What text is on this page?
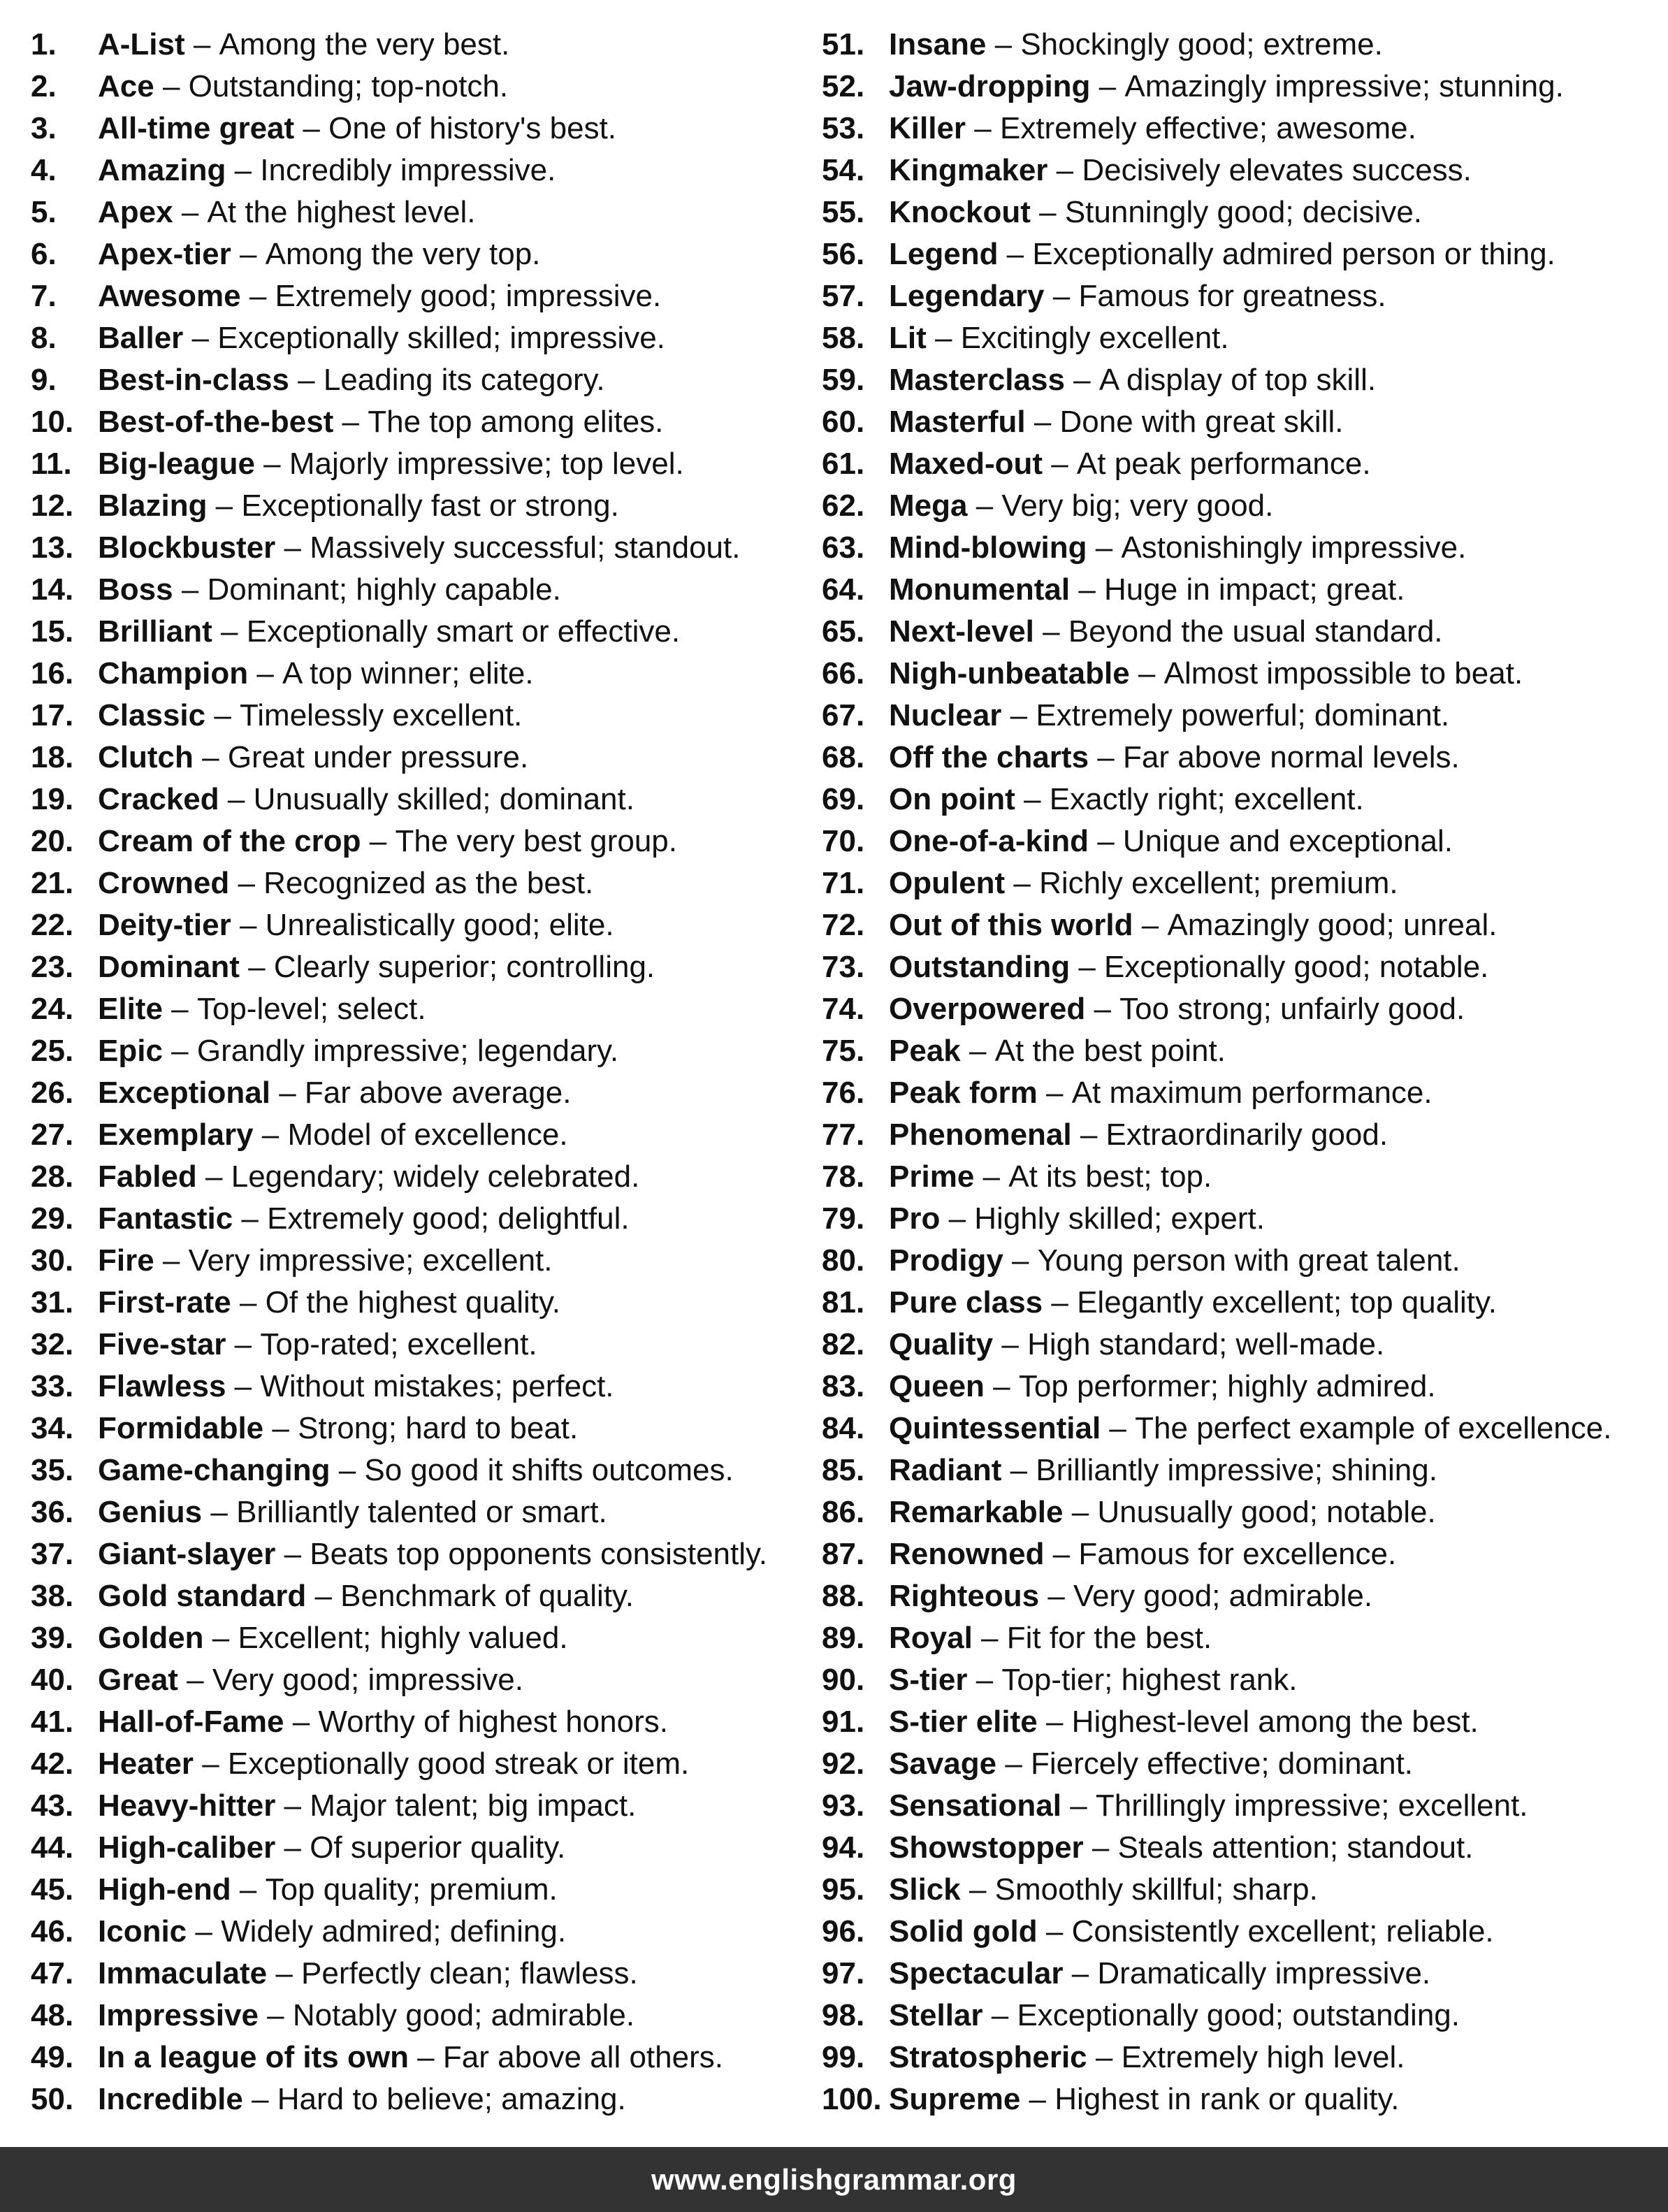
1.	A-List – Among the very best.
2.	Ace – Outstanding; top-notch.
3.	All-time great – One of history's best.
4.	Amazing – Incredibly impressive.
5.	Apex – At the highest level.
6.	Apex-tier – Among the very top.
7.	Awesome – Extremely good; impressive.
8.	Baller – Exceptionally skilled; impressive.
9.	Best-in-class – Leading its category.
10. Best-of-the-best – The top among elites.
11. Big-league – Majorly impressive; top level.
12. Blazing – Exceptionally fast or strong.
13. Blockbuster – Massively successful; standout.
14. Boss – Dominant; highly capable.
15. Brilliant – Exceptionally smart or effective.
16. Champion – A top winner; elite.
17. Classic – Timelessly excellent.
18. Clutch – Great under pressure.
19. Cracked – Unusually skilled; dominant.
20. Cream of the crop – The very best group.
21. Crowned – Recognized as the best.
22. Deity-tier – Unrealistically good; elite.
23. Dominant – Clearly superior; controlling.
24. Elite – Top-level; select.
25. Epic – Grandly impressive; legendary.
26. Exceptional – Far above average.
27. Exemplary – Model of excellence.
28. Fabled – Legendary; widely celebrated.
29. Fantastic – Extremely good; delightful.
30. Fire – Very impressive; excellent.
31. First-rate – Of the highest quality.
32. Five-star – Top-rated; excellent.
33. Flawless – Without mistakes; perfect.
34. Formidable – Strong; hard to beat.
35. Game-changing – So good it shifts outcomes.
36. Genius – Brilliantly talented or smart.
37. Giant-slayer – Beats top opponents consistently.
38. Gold standard – Benchmark of quality.
39. Golden – Excellent; highly valued.
40. Great – Very good; impressive.
41. Hall-of-Fame – Worthy of highest honors.
42. Heater – Exceptionally good streak or item.
43. Heavy-hitter – Major talent; big impact.
44. High-caliber – Of superior quality.
45. High-end – Top quality; premium.
46. Iconic – Widely admired; defining.
47. Immaculate – Perfectly clean; flawless.
48. Impressive – Notably good; admirable.
49. In a league of its own – Far above all others.
50. Incredible – Hard to believe; amazing.
51. Insane – Shockingly good; extreme.
52. Jaw-dropping – Amazingly impressive; stunning.
53. Killer – Extremely effective; awesome.
54. Kingmaker – Decisively elevates success.
55. Knockout – Stunningly good; decisive.
56. Legend – Exceptionally admired person or thing.
57. Legendary – Famous for greatness.
58. Lit – Excitingly excellent.
59. Masterclass – A display of top skill.
60. Masterful – Done with great skill.
61. Maxed-out – At peak performance.
62. Mega – Very big; very good.
63. Mind-blowing – Astonishingly impressive.
64. Monumental – Huge in impact; great.
65. Next-level – Beyond the usual standard.
66. Nigh-unbeatable – Almost impossible to beat.
67. Nuclear – Extremely powerful; dominant.
68. Off the charts – Far above normal levels.
69. On point – Exactly right; excellent.
70. One-of-a-kind – Unique and exceptional.
71. Opulent – Richly excellent; premium.
72. Out of this world – Amazingly good; unreal.
73. Outstanding – Exceptionally good; notable.
74. Overpowered – Too strong; unfairly good.
75. Peak – At the best point.
76. Peak form – At maximum performance.
77. Phenomenal – Extraordinarily good.
78. Prime – At its best; top.
79. Pro – Highly skilled; expert.
80. Prodigy – Young person with great talent.
81. Pure class – Elegantly excellent; top quality.
82. Quality – High standard; well-made.
83. Queen – Top performer; highly admired.
84. Quintessential – The perfect example of excellence.
85. Radiant – Brilliantly impressive; shining.
86. Remarkable – Unusually good; notable.
87. Renowned – Famous for excellence.
88. Righteous – Very good; admirable.
89. Royal – Fit for the best.
90. S-tier – Top-tier; highest rank.
91. S-tier elite – Highest-level among the best.
92. Savage – Fiercely effective; dominant.
93. Sensational – Thrillingly impressive; excellent.
94. Showstopper – Steals attention; standout.
95. Slick – Smoothly skillful; sharp.
96. Solid gold – Consistently excellent; reliable.
97. Spectacular – Dramatically impressive.
98. Stellar – Exceptionally good; outstanding.
99. Stratospheric – Extremely high level.
100. Supreme – Highest in rank or quality.
www.englishgrammar.org
